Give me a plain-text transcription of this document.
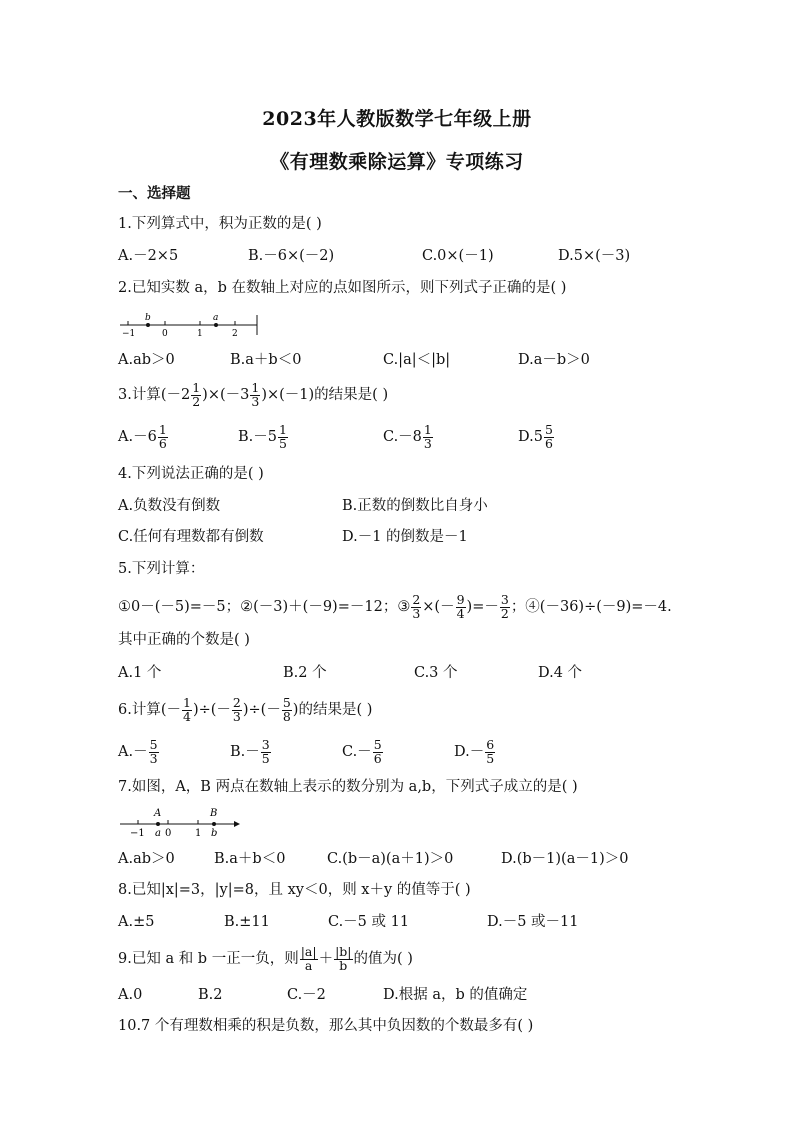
2023年人教版数学七年级上册
《有理数乘除运算》专项练习
一、选择题
1.下列算式中，积为正数的是( )
A.－2×5	B.－6×(－2)	C.0×(－1)	D.5×(－3)
2.已知实数 a，b 在数轴上对应的点如图所示，则下列式子正确的是( )
b	a
−1	0	1	2
A.ab＞0	B.a＋b＜0	C.|a|＜|b|	D.a－b＞0
3.计算$(-2 \frac{1}{2} )\times(-3 \frac{1}{3} )\times(-1)$的结果是( )
$A.-6 \frac{1}{6}$	$B.-5 \frac{1}{5}$	$C.-8 \frac{1}{3}$	$D.5 \frac{5}{6}$
4.下列说法正确的是( )
A.负数没有倒数	B.正数的倒数比自身小
C.任何有理数都有倒数	D.－1 的倒数是－1
5.下列计算：
①0－(－5)=－5；②(－3)＋(－9)=－12；③ $\frac{2}{3}$ ×(－ $\frac{9}{4}$ )=－ $\frac{3}{2}$ ；④(－36)÷(－9)=－4.
其中正确的个数是( )
A.1 个	B.2 个	C.3 个	D.4 个
6.计算(－ $\frac{1}{4}$ )÷(－ $\frac{2}{3}$ )÷(－ $\frac{5}{8}$ )的结果是( )
$A.- \frac{5}{3}$	$B.- \frac{3}{5}$	$C.- \frac{5}{6}$	$D.- \frac{6}{5}$
7.如图，A，B 两点在数轴上表示的数分别为 a,b，下列式子成立的是( )
A	B
−1 a 0 1 b
A.ab＞0	B.a＋b＜0	C.(b－a)(a＋1)＞0	D.(b－1)(a－1)＞0
8.已知|x|=3，|y|=8，且 xy＜0，则 x＋y 的值等于( )
A.±5	B.±11	C.－5 或 11	D.－5 或－11
9.已知 a 和 b 一正一负，则 $\frac{|a|}{a} + \frac{|b|}{b}$ 的值为( )
A.0	B.2	C.－2	D.根据 a，b 的值确定
10.7 个有理数相乘的积是负数，那么其中负因数的个数最多有( )
